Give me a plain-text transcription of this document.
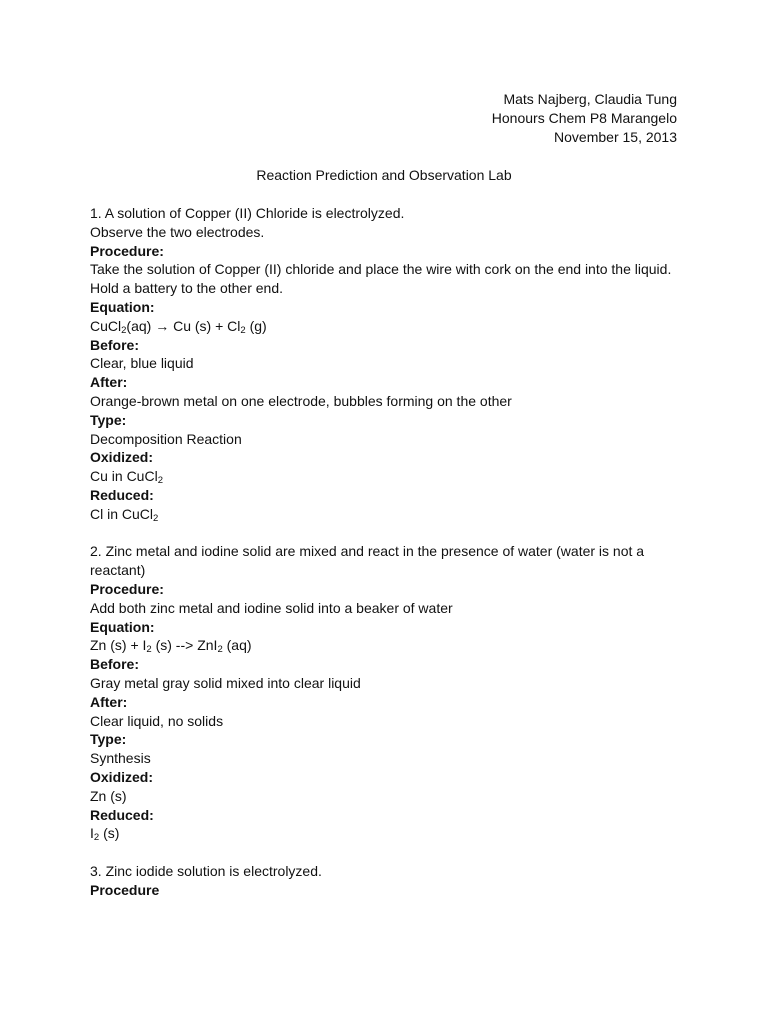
Mats Najberg, Claudia Tung
Honours Chem P8 Marangelo
November 15, 2013
Reaction Prediction and Observation Lab
1. A solution of Copper (II) Chloride is electrolyzed.
Observe the two electrodes.
Procedure:
Take the solution of Copper (II) chloride and place the wire with cork on the end into the liquid.
Hold a battery to the other end.
Equation:
CuCl$_2$(aq) → Cu $(s) + Cl_2$ (g)
Before:
Clear, blue liquid
After:
Orange-brown metal on one electrode, bubbles forming on the other
Type:
Decomposition Reaction
Oxidized:
Cu in CuCl$_2$
Reduced:
Cl in CuCl$_2$
2. Zinc metal and iodine solid are mixed and react in the presence of water (water is not a
reactant)
Procedure:
Add both zinc metal and iodine solid into a beaker of water
Equation:
Zn $(s) + I_2$ (s) --> ZnI$_2$ (aq)
Before:
Gray metal gray solid mixed into clear liquid
After:
Clear liquid, no solids
Type:
Synthesis
Oxidized:
Zn (s)
Reduced:
$I_2$ (s)
3. Zinc iodide solution is electrolyzed.
Procedure
